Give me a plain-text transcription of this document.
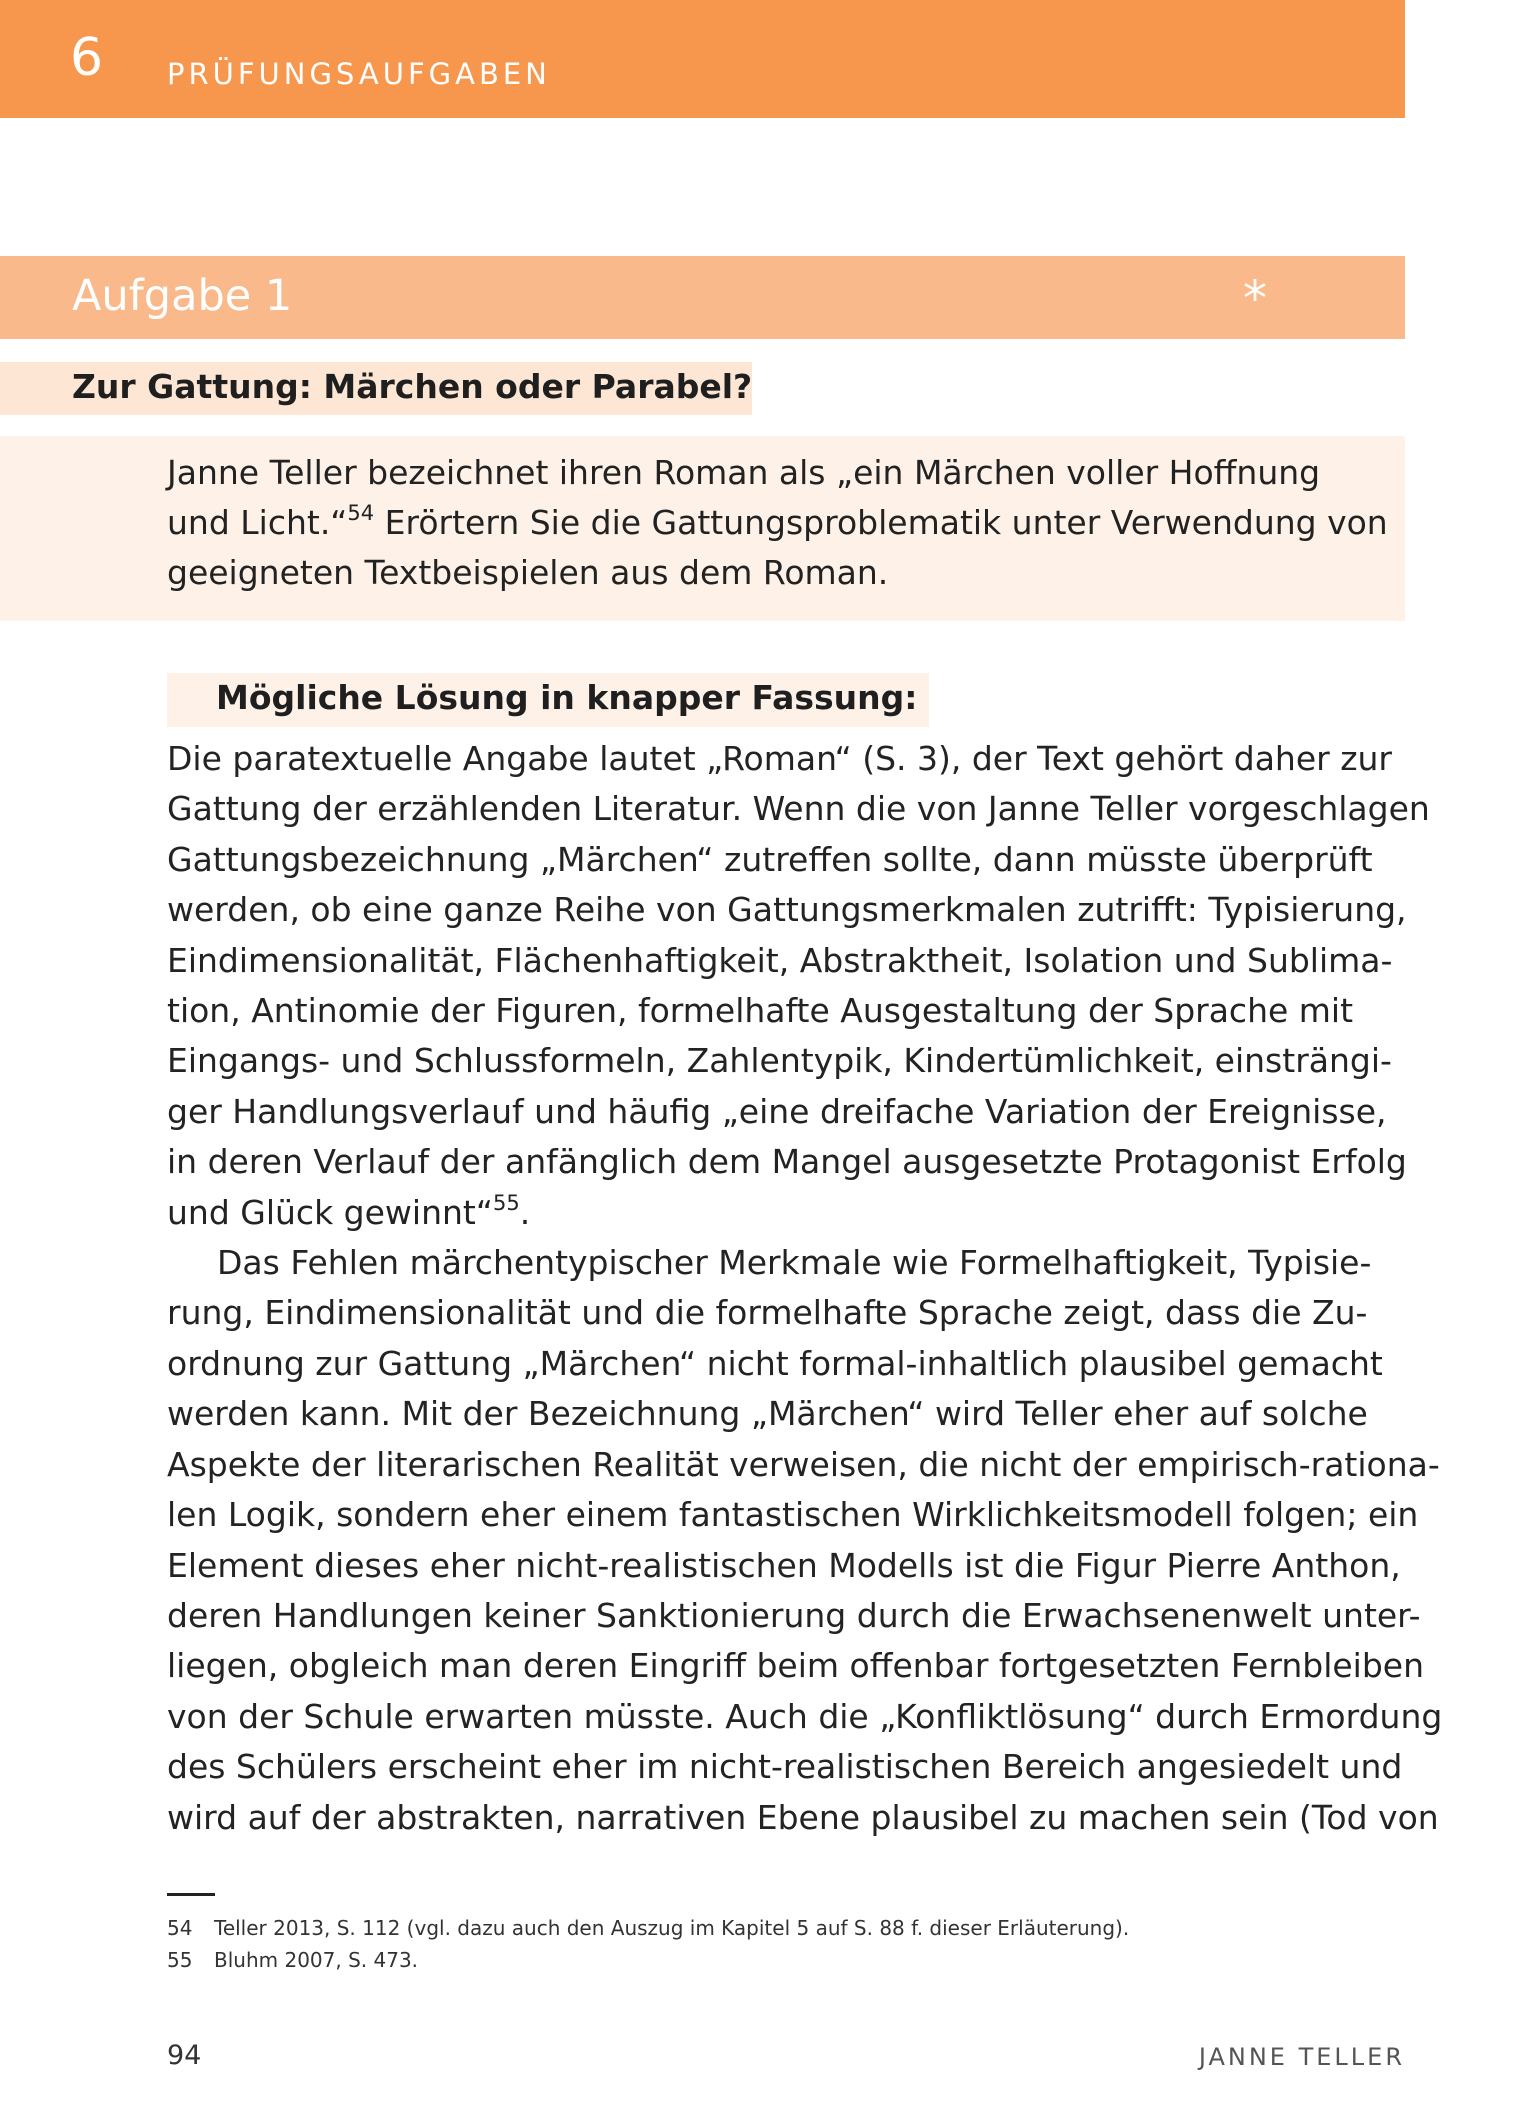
6 PRÜFUNGSAUFGABEN
Aufgabe 1	*
Zur Gattung: Märchen oder Parabel?
Janne Teller bezeichnet ihren Roman als „ein Märchen voller Hoffnung
und Licht.“$^{54}$ Erörtern Sie die Gattungsproblematik unter Verwendung von
geeigneten Textbeispielen aus dem Roman.
Mögliche Lösung in knapper Fassung:
Die paratextuelle Angabe lautet „Roman“ (S. 3), der Text gehört daher zur
Gattung der erzählenden Literatur. Wenn die von Janne Teller vorgeschlagen
Gattungsbezeichnung „Märchen“ zutreffen sollte, dann müsste überprüft
werden, ob eine ganze Reihe von Gattungsmerkmalen zutrifft: Typisierung,
Eindimensionalität, Flächenhaftigkeit, Abstraktheit, Isolation und Sublima-
tion, Antinomie der Figuren, formelhafte Ausgestaltung der Sprache mit
Eingangs- und Schlussformeln, Zahlentypik, Kindertümlichkeit, einsträngi-
ger Handlungsverlauf und häufig „eine dreifache Variation der Ereignisse,
in deren Verlauf der anfänglich dem Mangel ausgesetzte Protagonist Erfolg
und Glück gewinnt“$^{55}$.
Das Fehlen märchentypischer Merkmale wie Formelhaftigkeit, Typisie-
rung, Eindimensionalität und die formelhafte Sprache zeigt, dass die Zu-
ordnung zur Gattung „Märchen“ nicht formal-inhaltlich plausibel gemacht
werden kann. Mit der Bezeichnung „Märchen“ wird Teller eher auf solche
Aspekte der literarischen Realität verweisen, die nicht der empirisch-rationa-
len Logik, sondern eher einem fantastischen Wirklichkeitsmodell folgen; ein
Element dieses eher nicht-realistischen Modells ist die Figur Pierre Anthon,
deren Handlungen keiner Sanktionierung durch die Erwachsenenwelt unter-
liegen, obgleich man deren Eingriff beim offenbar fortgesetzten Fernbleiben
von der Schule erwarten müsste. Auch die „Konfliktlösung“ durch Ermordung
des Schülers erscheint eher im nicht-realistischen Bereich angesiedelt und
wird auf der abstrakten, narrativen Ebene plausibel zu machen sein (Tod von
54 Teller 2013, S. 112 (vgl. dazu auch den Auszug im Kapitel 5 auf S. 88 f. dieser Erläuterung).
55 Bluhm 2007, S. 473.
94	JANNE TELLER
